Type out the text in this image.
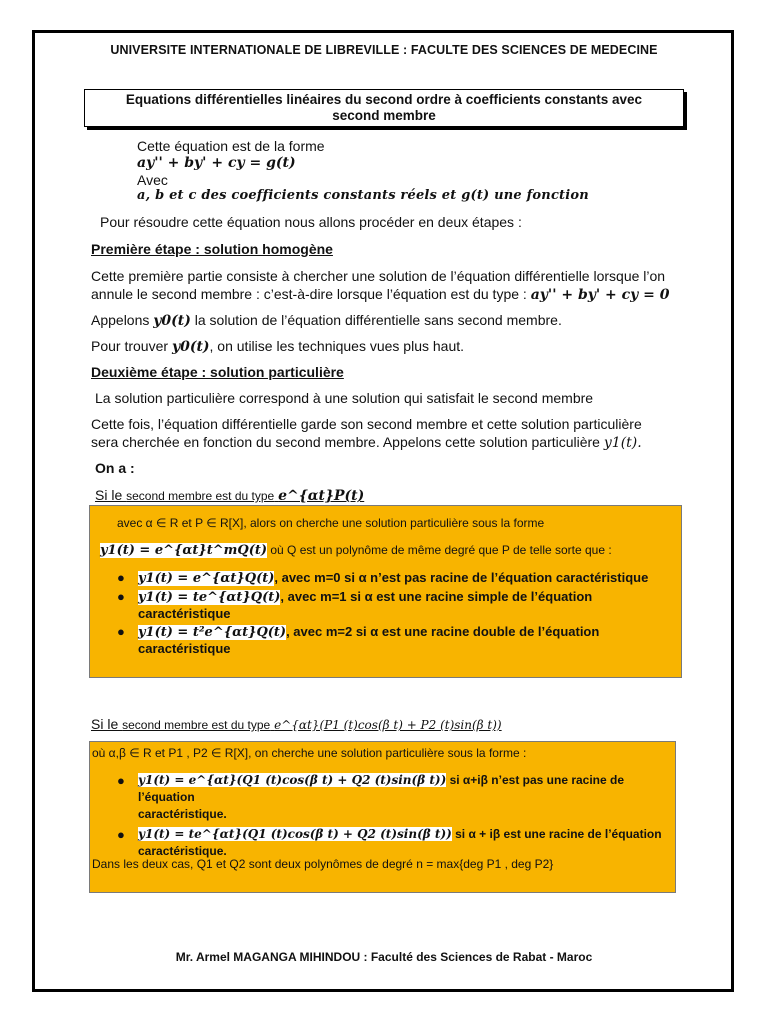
UNIVERSITE INTERNATIONALE DE LIBREVILLE : FACULTE DES SCIENCES DE MEDECINE
Equations différentielles linéaires du second ordre à coefficients constants avec
second membre
Cette équation est de la forme
ay'' + by' + cy = g(t)
Avec
a, b et c des coefficients constants réels et g(t) une fonction
Pour résoudre cette équation nous allons procéder en deux étapes :
Première étape : solution homogène
Cette première partie consiste à chercher une solution de l’équation différentielle lorsque l’on
annule le second membre : c’est-à-dire lorsque l’équation est du type : ay'' + by' + cy = 0
Appelons y0(t) la solution de l’équation différentielle sans second membre.
Pour trouver y0(t), on utilise les techniques vues plus haut.
Deuxième étape : solution particulière
La solution particulière correspond à une solution qui satisfait le second membre
Cette fois, l’équation différentielle garde son second membre et cette solution particulière
sera cherchée en fonction du second membre. Appelons cette solution particulière y1(t).
On a :
Si le second membre est du type e^{αt}P(t)
avec α ∈ R et P ∈ R[X], alors on cherche une solution particulière sous la forme
y1(t) = e^{αt}t^mQ(t) où Q est un polynôme de même degré que P de telle sorte que :
● y1(t) = e^{αt}Q(t), avec m=0 si α n’est pas racine de l’équation caractéristique
● y1(t) = te^{αt}Q(t), avec m=1 si α est une racine simple de l’équation
caractéristique
● y1(t) = t²e^{αt}Q(t), avec m=2 si α est une racine double de l’équation
caractéristique
Si le second membre est du type e^{αt}(P1 (t)cos(β t) + P2 (t)sin(β t))
où α,β ∈ R et P1 , P2 ∈ R[X], on cherche une solution particulière sous la forme :
● y1(t) = e^{αt}(Q1 (t)cos(β t) + Q2 (t)sin(β t)) si α+iβ n’est pas une racine de l’équation
caractéristique.
● y1(t) = te^{αt}(Q1 (t)cos(β t) + Q2 (t)sin(β t)) si α + iβ est une racine de l’équation
caractéristique.
Dans les deux cas, Q1 et Q2 sont deux polynômes de degré n = max{deg P1 , deg P2}
Mr. Armel MAGANGA MIHINDOU : Faculté des Sciences de Rabat - Maroc
